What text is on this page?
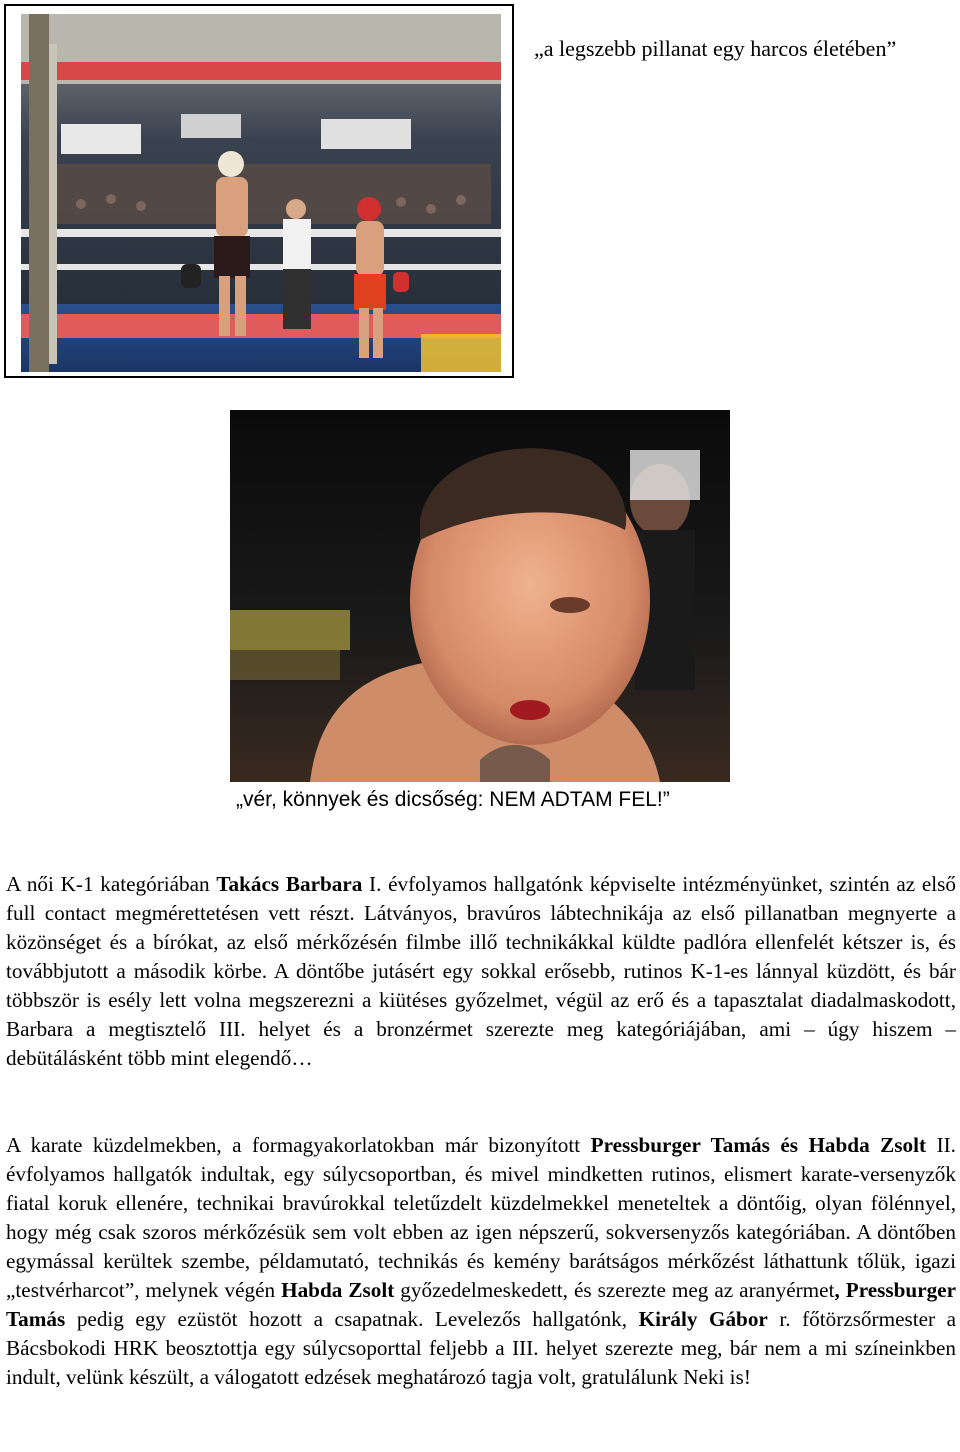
„a legszebb pillanat egy harcos életében”
„vér, könnyek és dicsőség: NEM ADTAM FEL!”
A női K-1 kategóriában Takács Barbara I. évfolyamos hallgatónk képviselte intézményünket, szintén az első full contact megmérettetésen vett részt. Látványos, bravúros lábtechnikája az első pillanatban megnyerte a közönséget és a bírókat, az első mérkőzésén filmbe illő technikákkal küldte padlóra ellenfelét kétszer is, és továbbjutott a második körbe. A döntőbe jutásért egy sokkal erősebb, rutinos K-1-es lánnyal küzdött, és bár többször is esély lett volna megszerezni a kiütéses győzelmet, végül az erő és a tapasztalat diadalmaskodott, Barbara a megtisztelő III. helyet és a bronzérmet szerezte meg kategóriájában, ami – úgy hiszem – debütálásként több mint elegendő…
A karate küzdelmekben, a formagyakorlatokban már bizonyított Pressburger Tamás és Habda Zsolt II. évfolyamos hallgatók indultak, egy súlycsoportban, és mivel mindketten rutinos, elismert karate-versenyzők fiatal koruk ellenére, technikai bravúrokkal teletűzdelt küzdelmekkel meneteltek a döntőig, olyan fölénnyel, hogy még csak szoros mérkőzésük sem volt ebben az igen népszerű, sokversenyzős kategóriában. A döntőben egymással kerültek szembe, példamutató, technikás és kemény barátságos mérkőzést láthattunk tőlük, igazi „testvérharcot”, melynek végén Habda Zsolt győzedelmeskedett, és szerezte meg az aranyérmet, Pressburger Tamás pedig egy ezüstöt hozott a csapatnak. Levelezős hallgatónk, Király Gábor r. főtörzsőrmester a Bácsbokodi HRK beosztottja egy súlycsoporttal feljebb a III. helyet szerezte meg, bár nem a mi színeinkben indult, velünk készült, a válogatott edzések meghatározó tagja volt, gratulálunk Neki is!
